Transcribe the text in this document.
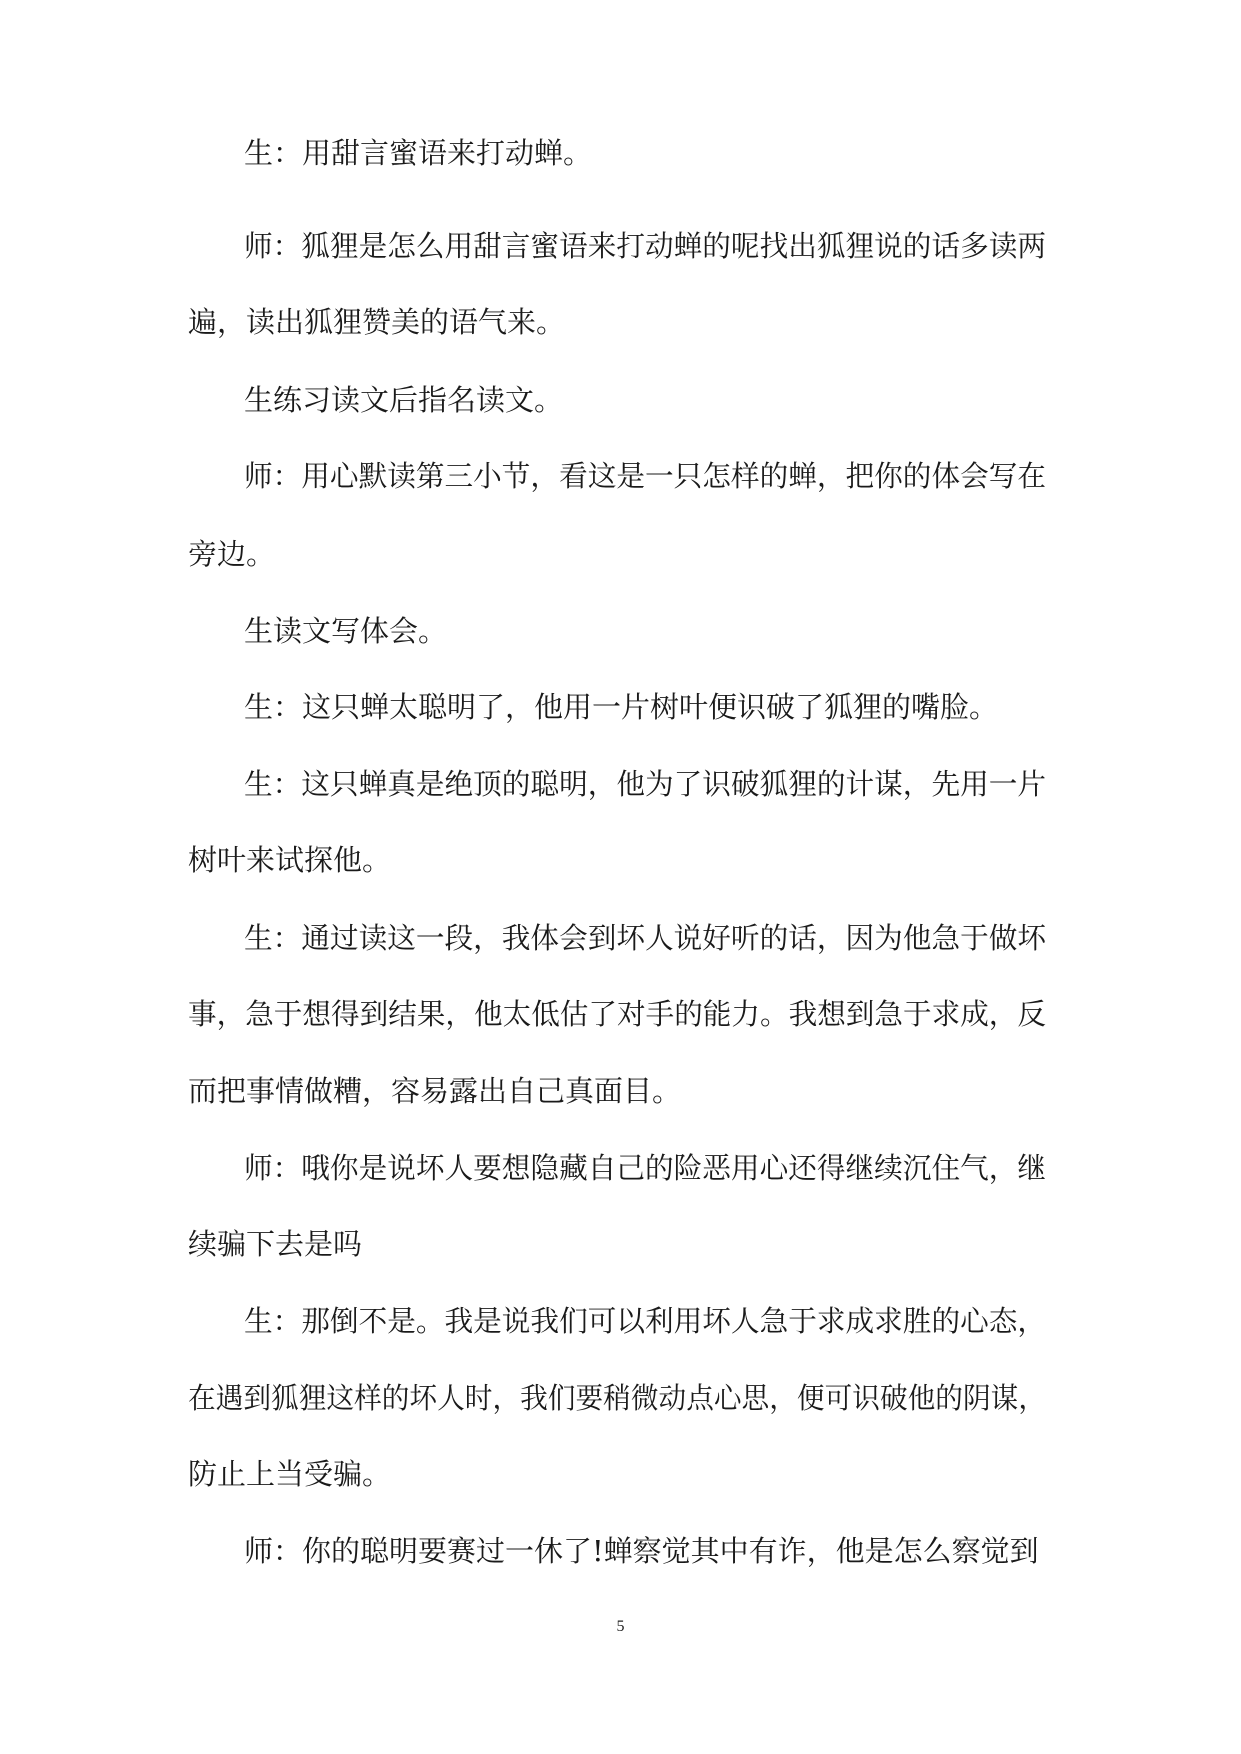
生：用甜言蜜语来打动蝉。
师：狐狸是怎么用甜言蜜语来打动蝉的呢找出狐狸说的话多读两
遍，读出狐狸赞美的语气来。
生练习读文后指名读文。
师：用心默读第三小节，看这是一只怎样的蝉，把你的体会写在
旁边。
生读文写体会。
生：这只蝉太聪明了，他用一片树叶便识破了狐狸的嘴脸。
生：这只蝉真是绝顶的聪明，他为了识破狐狸的计谋，先用一片
树叶来试探他。
生：通过读这一段，我体会到坏人说好听的话，因为他急于做坏
事，急于想得到结果，他太低估了对手的能力。我想到急于求成，反
而把事情做糟，容易露出自己真面目。
师：哦你是说坏人要想隐藏自己的险恶用心还得继续沉住气，继
续骗下去是吗
生：那倒不是。我是说我们可以利用坏人急于求成求胜的心态，
在遇到狐狸这样的坏人时，我们要稍微动点心思，便可识破他的阴谋，
防止上当受骗。
师：你的聪明要赛过一休了!蝉察觉其中有诈，他是怎么察觉到
5
